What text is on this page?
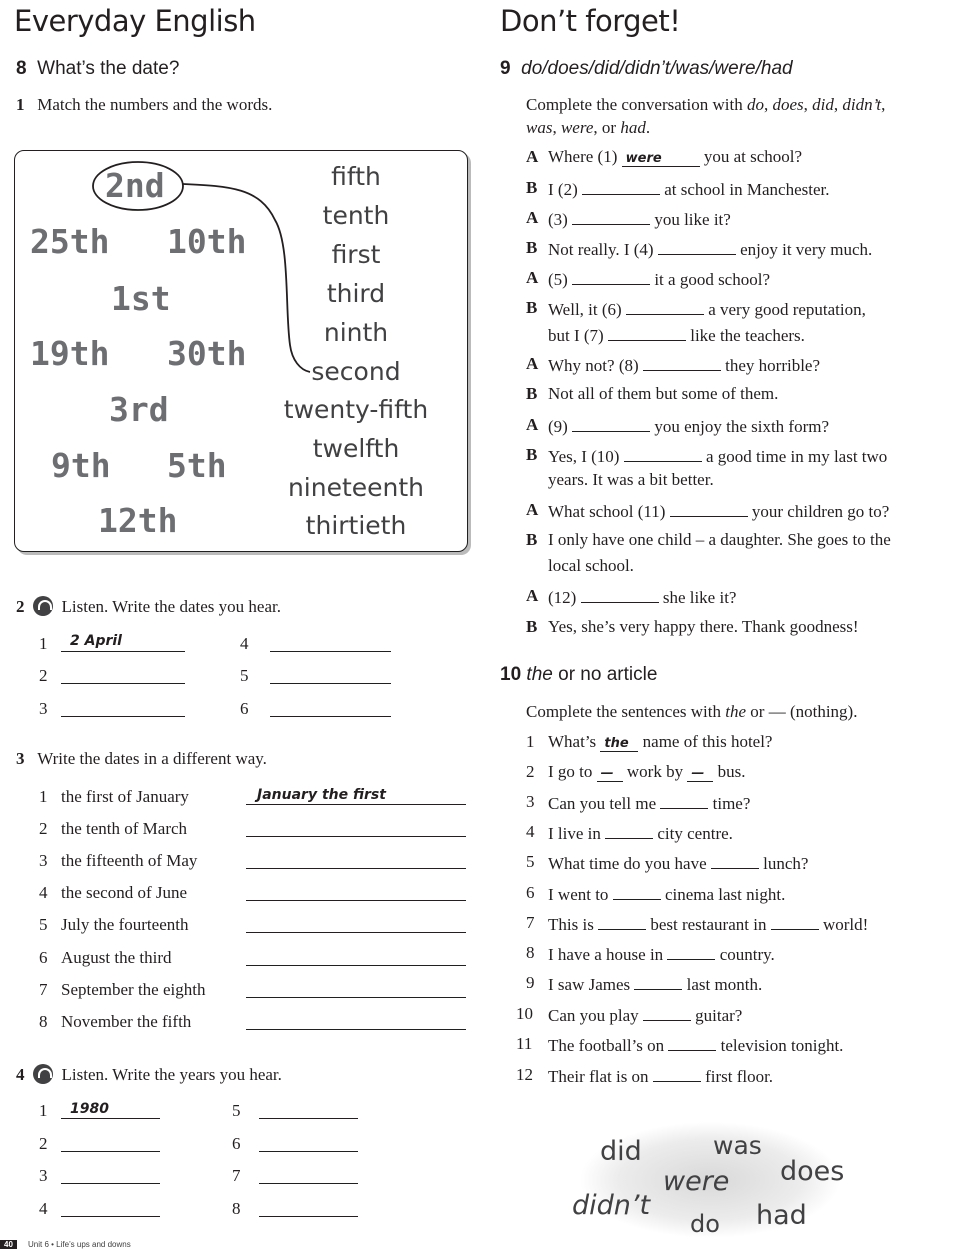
Everyday English
8 What’s the date?
1 Match the numbers and the words.
2nd
25th 10th
1st
19th 30th
3rd
9th 5th
12th
fifth
tenth
first
third
ninth
second
twenty-fifth
twelfth
nineteenth
thirtieth
2 Listen. Write the dates you hear.
1 2 April	4
2	5
3	6
3 Write the dates in a different way.
1 the first of January	January the first
2 the tenth of March
3 the fifteenth of May
4 the second of June
5 July the fourteenth
6 August the third
7 September the eighth
8 November the fifth
4 Listen. Write the years you hear.
1 1980	5
2	6
3	7
4	8
Don’t forget!
9 do/does/did/didn’t/was/were/had
Complete the conversation with do, does, did, didn’t,
was, were, or had.
A Where (1) were you at school?
B I (2)	at school in Manchester.
A (3)	you like it?
B Not really. I (4)	enjoy it very much.
A (5)	it a good school?
B Well, it (6)	a very good reputation,
but I (7)	like the teachers.
A Why not? (8)	they horrible?
B Not all of them but some of them.
A (9)	you enjoy the sixth form?
B Yes, I (10)	a good time in my last two
years. It was a bit better.
A What school (11)	your children go to?
B I only have one child – a daughter. She goes to the
local school.
A (12)	she like it?
B Yes, she’s very happy there. Thank goodness!
10 the or no article
Complete the sentences with the or — (nothing).
1 What’s the name of this hotel?
2 I go to — work by — bus.
3 Can you tell me	time?
4 I live in	city centre.
5 What time do you have	lunch?
6 I went to	cinema last night.
7 This is	best restaurant in	world!
8 I have a house in	country.
9 I saw James	last month.
10 Can you play	guitar?
11 The football’s on	television tonight.
12 Their flat is on	first floor.
did	was
were does
didn’t	had
do
40	Unit 6 • Life’s ups and downs
